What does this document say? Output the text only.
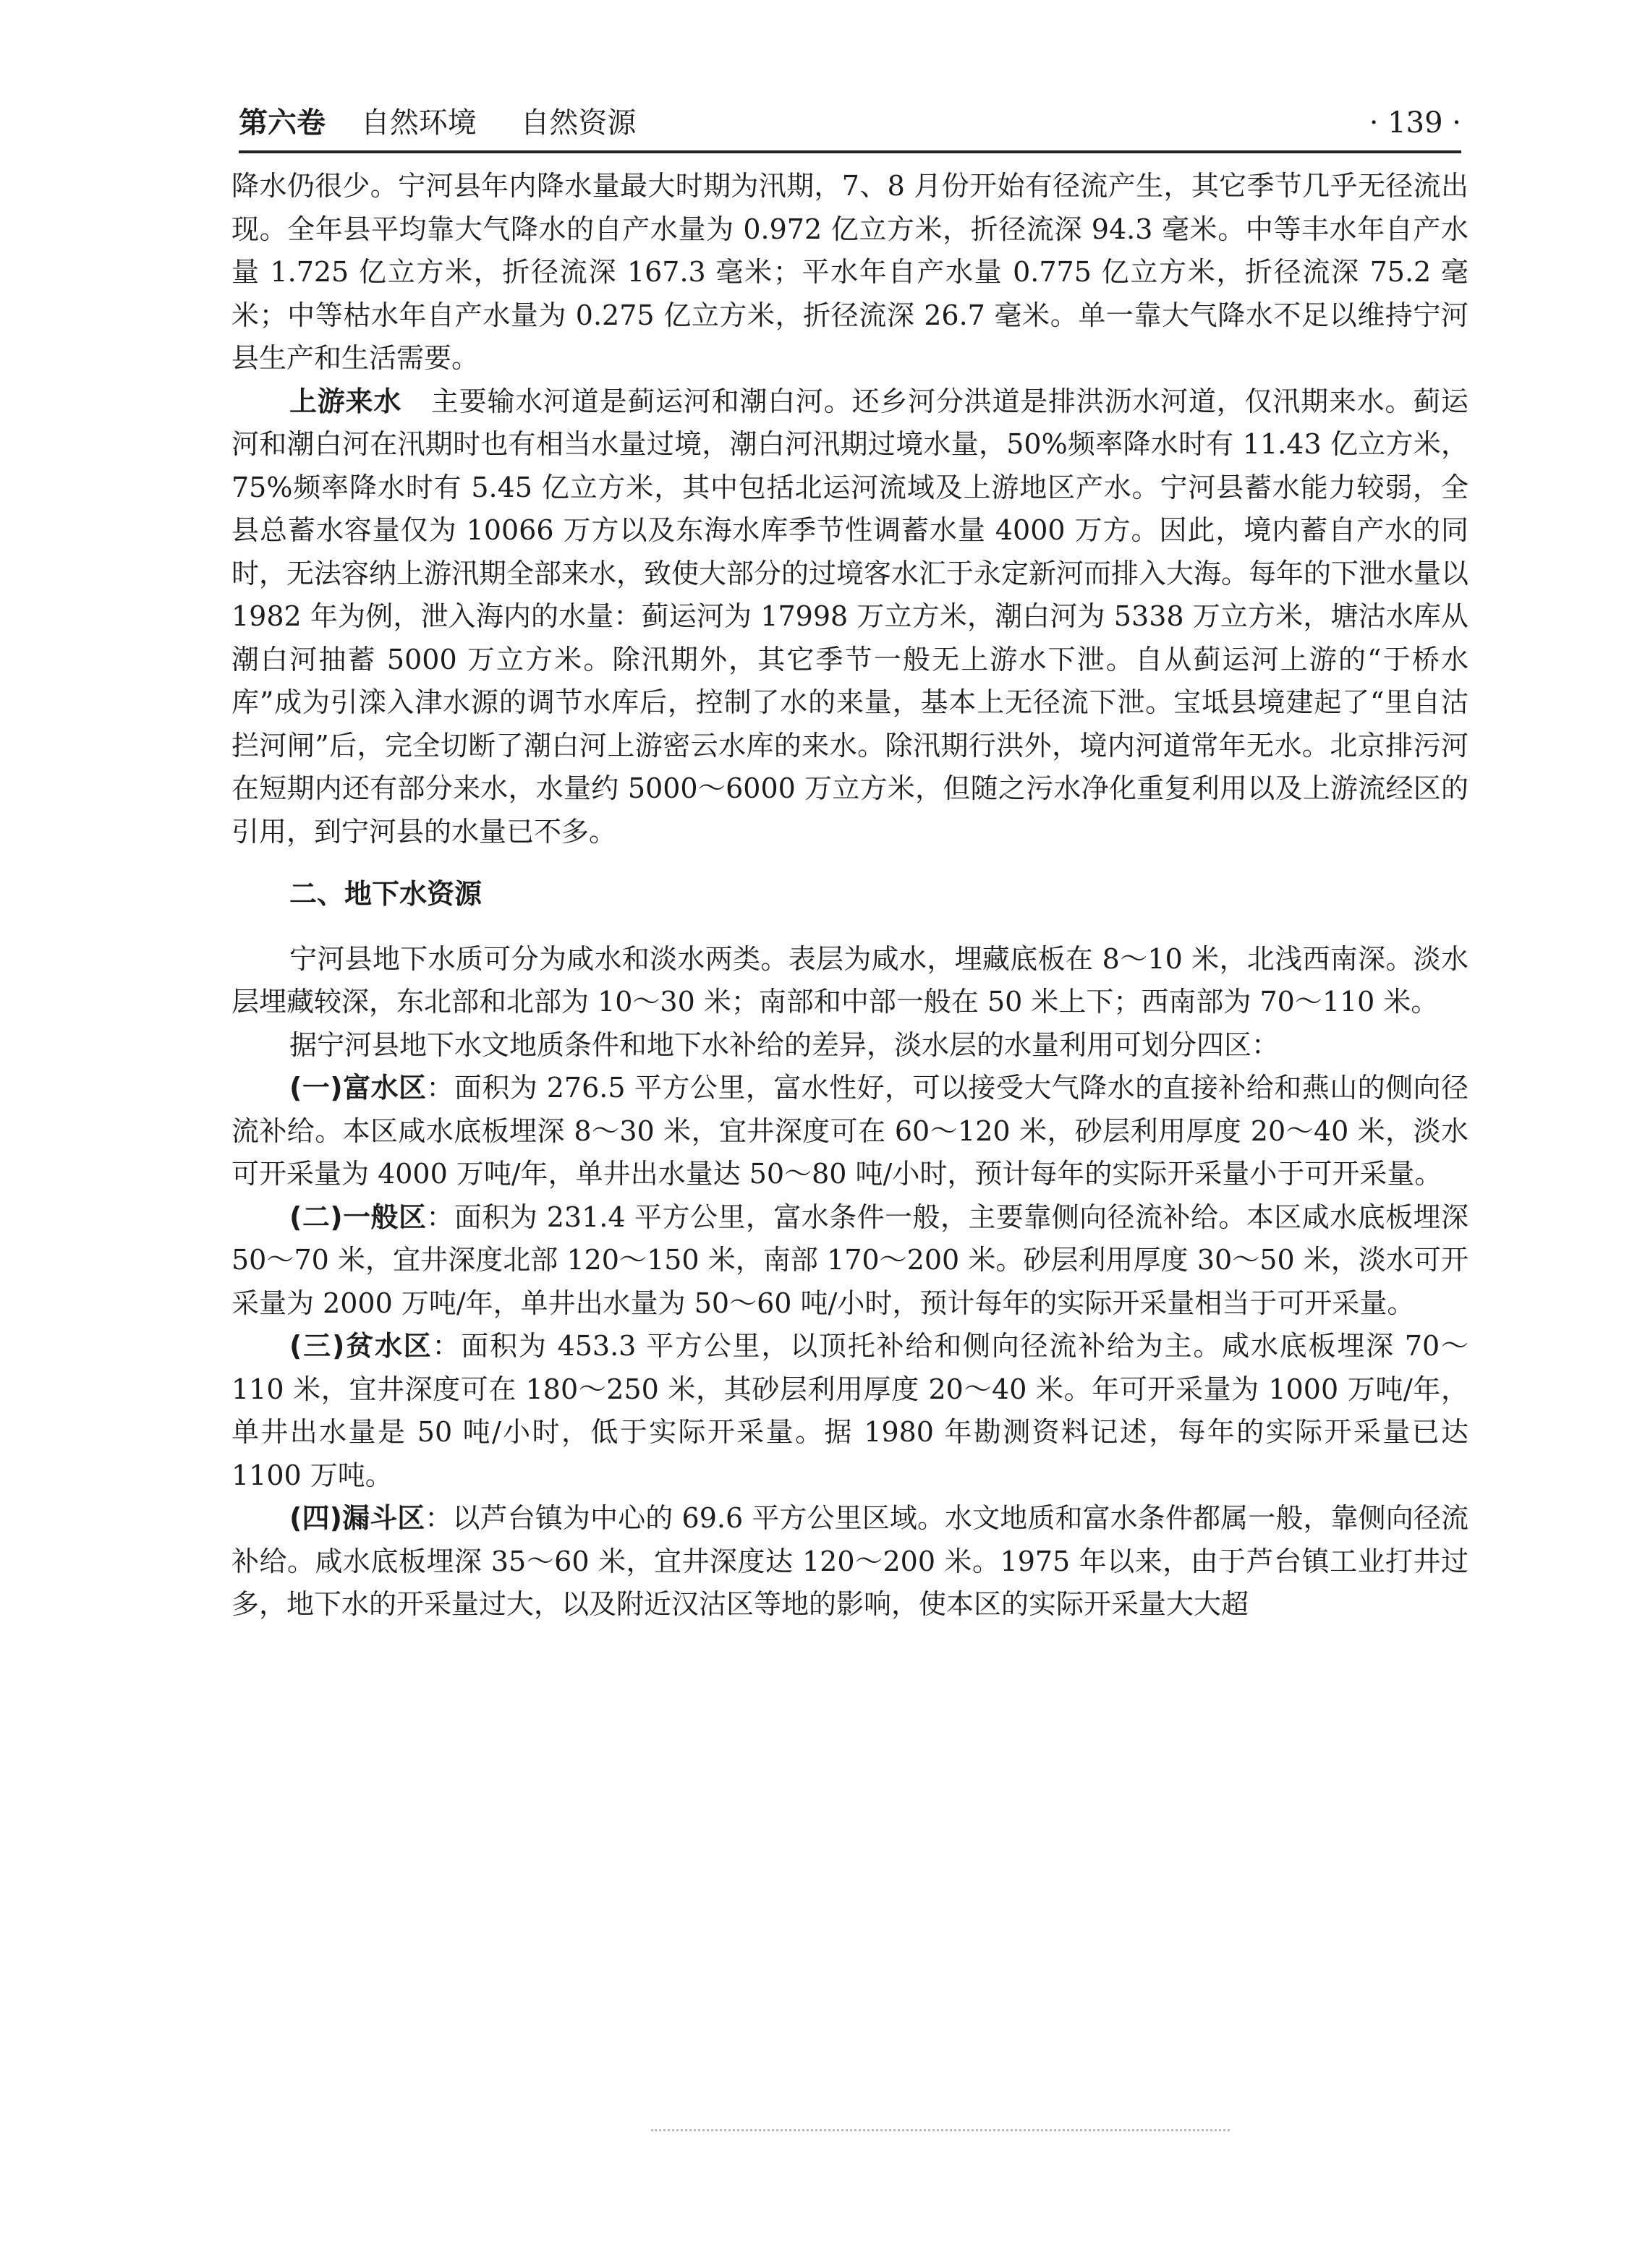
第六卷 自然环境 自然资源	· 139 ·

降水仍很少。宁河县年内降水量最大时期为汛期，7、8 月份开始有径流产生，其它季节几乎无径流出现。全年县平均靠大气降水的自产水量为 0.972 亿立方米，折径流深 94.3 毫米。中等丰水年自产水量 1.725 亿立方米，折径流深 167.3 毫米；平水年自产水量 0.775 亿立方米，折径流深 75.2 毫米；中等枯水年自产水量为 0.275 亿立方米，折径流深 26.7 毫米。单一靠大气降水不足以维持宁河县生产和生活需要。

上游来水 主要输水河道是蓟运河和潮白河。还乡河分洪道是排洪沥水河道，仅汛期来水。蓟运河和潮白河在汛期时也有相当水量过境，潮白河汛期过境水量，50%频率降水时有 11.43 亿立方米，75%频率降水时有 5.45 亿立方米，其中包括北运河流域及上游地区产水。宁河县蓄水能力较弱，全县总蓄水容量仅为 10066 万方以及东海水库季节性调蓄水量 4000 万方。因此，境内蓄自产水的同时，无法容纳上游汛期全部来水，致使大部分的过境客水汇于永定新河而排入大海。每年的下泄水量以 1982 年为例，泄入海内的水量：蓟运河为 17998 万立方米，潮白河为 5338 万立方米，塘沽水库从潮白河抽蓄 5000 万立方米。除汛期外，其它季节一般无上游水下泄。自从蓟运河上游的“于桥水库”成为引滦入津水源的调节水库后，控制了水的来量，基本上无径流下泄。宝坻县境建起了“里自沽拦河闸”后，完全切断了潮白河上游密云水库的来水。除汛期行洪外，境内河道常年无水。北京排污河在短期内还有部分来水，水量约 5000～6000 万立方米，但随之污水净化重复利用以及上游流经区的引用，到宁河县的水量已不多。

二、地下水资源

宁河县地下水质可分为咸水和淡水两类。表层为咸水，埋藏底板在 8～10 米，北浅西南深。淡水层埋藏较深，东北部和北部为 10～30 米；南部和中部一般在 50 米上下；西南部为 70～110 米。

据宁河县地下水文地质条件和地下水补给的差异，淡水层的水量利用可划分四区：

(一)富水区：面积为 276.5 平方公里，富水性好，可以接受大气降水的直接补给和燕山的侧向径流补给。本区咸水底板埋深 8～30 米，宜井深度可在 60～120 米，砂层利用厚度 20～40 米，淡水可开采量为 4000 万吨/年，单井出水量达 50～80 吨/小时，预计每年的实际开采量小于可开采量。

(二)一般区：面积为 231.4 平方公里，富水条件一般，主要靠侧向径流补给。本区咸水底板埋深 50～70 米，宜井深度北部 120～150 米，南部 170～200 米。砂层利用厚度 30～50 米，淡水可开采量为 2000 万吨/年，单井出水量为 50～60 吨/小时，预计每年的实际开采量相当于可开采量。

(三)贫水区：面积为 453.3 平方公里，以顶托补给和侧向径流补给为主。咸水底板埋深 70～110 米，宜井深度可在 180～250 米，其砂层利用厚度 20～40 米。年可开采量为 1000 万吨/年，单井出水量是 50 吨/小时，低于实际开采量。据 1980 年勘测资料记述，每年的实际开采量已达 1100 万吨。

(四)漏斗区：以芦台镇为中心的 69.6 平方公里区域。水文地质和富水条件都属一般，靠侧向径流补给。咸水底板埋深 35～60 米，宜井深度达 120～200 米。1975 年以来，由于芦台镇工业打井过多，地下水的开采量过大，以及附近汉沽区等地的影响，使本区的实际开采量大大超
